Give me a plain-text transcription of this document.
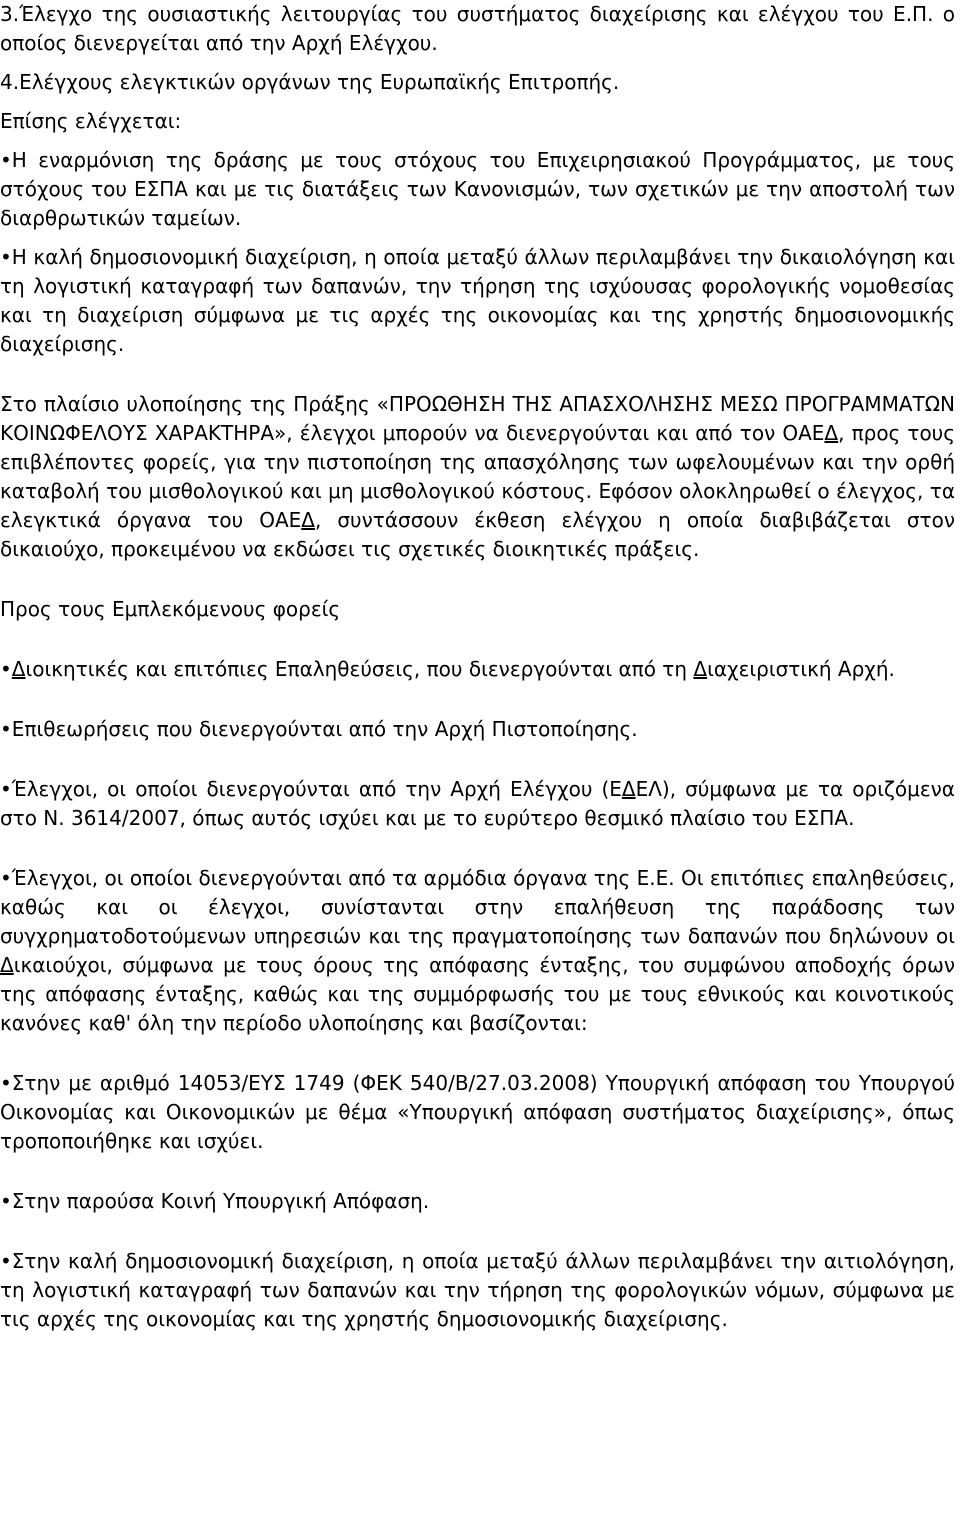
3.Έλεγχο της ουσιαστικής λειτουργίας του συστήματος διαχείρισης και ελέγχου του Ε.Π. ο οποίος διενεργείται από την Αρχή Ελέγχου.

4.Ελέγχους ελεγκτικών οργάνων της Ευρωπαϊκής Επιτροπής.

Επίσης ελέγχεται:

•Η εναρμόνιση της δράσης με τους στόχους του Επιχειρησιακού Προγράμματος, με τους στόχους του ΕΣΠΑ και με τις διατάξεις των Κανονισμών, των σχετικών με την αποστολή των διαρθρωτικών ταμείων.

•Η καλή δημοσιονομική διαχείριση, η οποία μεταξύ άλλων περιλαμβάνει την δικαιολόγηση και τη λογιστική καταγραφή των δαπανών, την τήρηση της ισχύουσας φορολογικής νομοθεσίας και τη διαχείριση σύμφωνα με τις αρχές της οικονομίας και της χρηστής δημοσιονομικής διαχείρισης.

Στο πλαίσιο υλοποίησης της Πράξης «ΠΡΟΩΘΗΣΗ ΤΗΣ ΑΠΑΣΧΟΛΗΣΗΣ ΜΕΣΩ ΠΡΟΓΡΑΜΜΑΤΩΝ ΚΟΙΝΩΦΕΛΟΥΣ ΧΑΡΑΚΤΗΡΑ», έλεγχοι μπορούν να διενεργούνται και από τον ΟΑΕΔ, προς τους επιβλέποντες φορείς, για την πιστοποίηση της απασχόλησης των ωφελουμένων και την ορθή καταβολή του μισθολογικού και μη μισθολογικού κόστους. Εφόσον ολοκληρωθεί ο έλεγχος, τα ελεγκτικά όργανα του ΟΑΕΔ, συντάσσουν έκθεση ελέγχου η οποία διαβιβάζεται στον δικαιούχο, προκειμένου να εκδώσει τις σχετικές διοικητικές πράξεις.

Προς τους Εμπλεκόμενους φορείς

•Διοικητικές και επιτόπιες Επαληθεύσεις, που διενεργούνται από τη Διαχειριστική Αρχή.

•Επιθεωρήσεις που διενεργούνται από την Αρχή Πιστοποίησης.

•Έλεγχοι, οι οποίοι διενεργούνται από την Αρχή Ελέγχου (ΕΔΕΛ), σύμφωνα με τα οριζόμενα στο Ν. 3614/2007, όπως αυτός ισχύει και με το ευρύτερο θεσμικό πλαίσιο του ΕΣΠΑ.

•Έλεγχοι, οι οποίοι διενεργούνται από τα αρμόδια όργανα της Ε.Ε. Οι επιτόπιες επαληθεύσεις, καθώς και οι έλεγχοι, συνίστανται στην επαλήθευση της παράδοσης των συγχρηματοδοτούμενων υπηρεσιών και της πραγματοποίησης των δαπανών που δηλώνουν οι Δικαιούχοι, σύμφωνα με τους όρους της απόφασης ένταξης, του συμφώνου αποδοχής όρων της απόφασης ένταξης, καθώς και της συμμόρφωσής του με τους εθνικούς και κοινοτικούς κανόνες καθ' όλη την περίοδο υλοποίησης και βασίζονται:

•Στην με αριθμό 14053/ΕΥΣ 1749 (ΦΕΚ 540/Β/27.03.2008) Υπουργική απόφαση του Υπουργού Οικονομίας και Οικονομικών με θέμα «Υπουργική απόφαση συστήματος διαχείρισης», όπως τροποποιήθηκε και ισχύει.

•Στην παρούσα Κοινή Υπουργική Απόφαση.

•Στην καλή δημοσιονομική διαχείριση, η οποία μεταξύ άλλων περιλαμβάνει την αιτιολόγηση, τη λογιστική καταγραφή των δαπανών και την τήρηση της φορολογικών νόμων, σύμφωνα με τις αρχές της οικονομίας και της χρηστής δημοσιονομικής διαχείρισης.
